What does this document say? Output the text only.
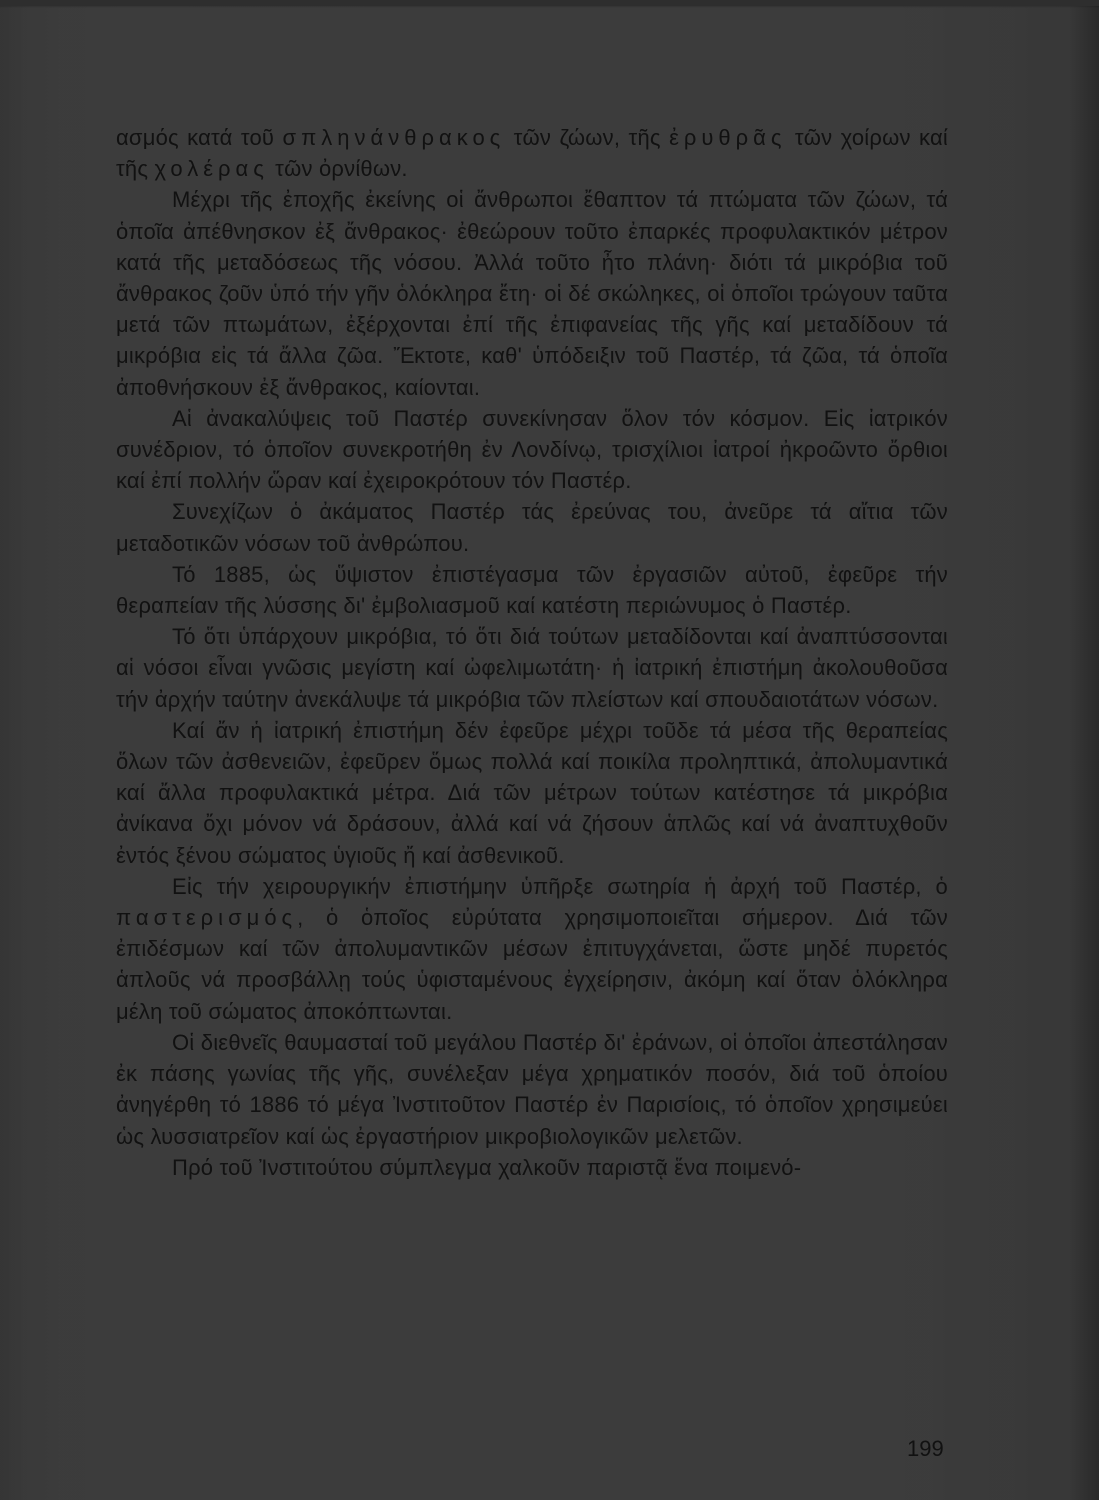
ασμός κατά τοῦ σπληνάνθρακος τῶν ζώων, τῆς ἐρυθρᾶς τῶν χοίρων καί τῆς χολέρας τῶν ὀρνίθων.

Μέχρι τῆς ἐποχῆς ἐκείνης οἱ ἄνθρωποι ἔθαπτον τά πτώματα τῶν ζώων, τά ὁποῖα ἀπέθνησκον ἐξ ἄνθρακος· ἐθεώρουν τοῦτο ἐπαρκές προφυλακτικόν μέτρον κατά τῆς μεταδόσεως τῆς νόσου. Ἀλλά τοῦτο ἦτο πλάνη· διότι τά μικρόβια τοῦ ἄνθρακος ζοῦν ὑπό τήν γῆν ὁλόκληρα ἔτη· οἱ δέ σκώληκες, οἱ ὁποῖοι τρώγουν ταῦτα μετά τῶν πτωμάτων, ἐξέρχονται ἐπί τῆς ἐπιφανείας τῆς γῆς καί μεταδίδουν τά μικρόβια εἰς τά ἄλλα ζῶα. Ἔκτοτε, καθ' ὑπόδειξιν τοῦ Παστέρ, τά ζῶα, τά ὁποῖα ἀποθνήσκουν ἐξ ἄνθρακος, καίονται.

Αἱ ἀνακαλύψεις τοῦ Παστέρ συνεκίνησαν ὅλον τόν κόσμον. Εἰς ἰατρικόν συνέδριον, τό ὁποῖον συνεκροτήθη ἐν Λονδίνῳ, τρισχίλιοι ἰατροί ἠκροῶντο ὄρθιοι καί ἐπί πολλήν ὥραν καί ἐχειροκρότουν τόν Παστέρ.

Συνεχίζων ὁ ἀκάματος Παστέρ τάς ἐρεύνας του, ἀνεῦρε τά αἴτια τῶν μεταδοτικῶν νόσων τοῦ ἀνθρώπου.

Τό 1885, ὡς ὕψιστον ἐπιστέγασμα τῶν ἐργασιῶν αὐτοῦ, ἐφεῦρε τήν θεραπείαν τῆς λύσσης δι' ἐμβολιασμοῦ καί κατέστη περιώνυμος ὁ Παστέρ.

Τό ὅτι ὑπάρχουν μικρόβια, τό ὅτι διά τούτων μεταδίδονται καί ἀναπτύσσονται αἱ νόσοι εἶναι γνῶσις μεγίστη καί ὠφελιμωτάτη· ἡ ἰατρική ἐπιστήμη ἀκολουθοῦσα τήν ἀρχήν ταύτην ἀνεκάλυψε τά μικρόβια τῶν πλείστων καί σπουδαιοτάτων νόσων.

Καί ἄν ἡ ἰατρική ἐπιστήμη δέν ἐφεῦρε μέχρι τοῦδε τά μέσα τῆς θεραπείας ὅλων τῶν ἀσθενειῶν, ἐφεῦρεν ὅμως πολλά καί ποικίλα προληπτικά, ἀπολυμαντικά καί ἄλλα προφυλακτικά μέτρα. Διά τῶν μέτρων τούτων κατέστησε τά μικρόβια ἀνίκανα ὄχι μόνον νά δράσουν, ἀλλά καί νά ζήσουν ἁπλῶς καί νά ἀναπτυχθοῦν ἐντός ξένου σώματος ὑγιοῦς ἤ καί ἀσθενικοῦ.

Εἰς τήν χειρουργικήν ἐπιστήμην ὑπῆρξε σωτηρία ἡ ἀρχή τοῦ Παστέρ, ὁ παστερισμός, ὁ ὁποῖος εὐρύτατα χρησιμοποιεῖται σήμερον. Διά τῶν ἐπιδέσμων καί τῶν ἀπολυμαντικῶν μέσων ἐπιτυγχάνεται, ὥστε μηδέ πυρετός ἁπλοῦς νά προσβάλλῃ τούς ὑφισταμένους ἐγχείρησιν, ἀκόμη καί ὅταν ὁλόκληρα μέλη τοῦ σώματος ἀποκόπτωνται.

Οἱ διεθνεῖς θαυμασταί τοῦ μεγάλου Παστέρ δι' ἐράνων, οἱ ὁποῖοι ἀπεστάλησαν ἐκ πάσης γωνίας τῆς γῆς, συνέλεξαν μέγα χρηματικόν ποσόν, διά τοῦ ὁποίου ἀνηγέρθη τό 1886 τό μέγα Ἰνστιτοῦτον Παστέρ ἐν Παρισίοις, τό ὁποῖον χρησιμεύει ὡς λυσσιατρεῖον καί ὡς ἐργαστήριον μικροβιολογικῶν μελετῶν.

Πρό τοῦ Ἰνστιτούτου σύμπλεγμα χαλκοῦν παριστᾷ ἕνα ποιμενό-

199
